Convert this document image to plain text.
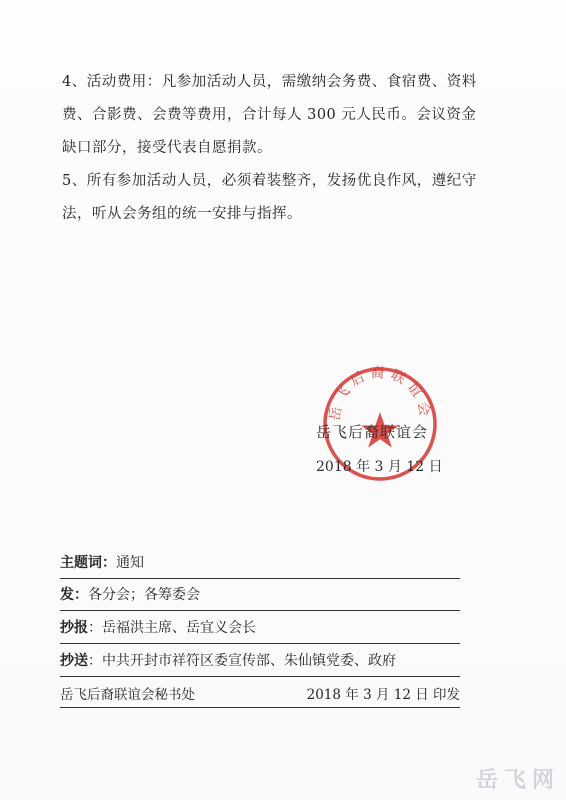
4、活动费用：凡参加活动人员，需缴纳会务费、食宿费、资料
费、合影费、会费等费用，合计每人 300 元人民币。会议资金
缺口部分，接受代表自愿捐款。

5、所有参加活动人员，必须着装整齐，发扬优良作风，遵纪守
法，听从会务组的统一安排与指挥。

岳飞后裔联谊会
岳飞后裔联谊会
2018 年 3 月 12 日
主题词：通知
发：各分会；各筹委会
抄报：岳福洪主席、岳宜义会长
抄送：中共开封市祥符区委宣传部、朱仙镇党委、政府
岳飞后裔联谊会秘书处	2018 年 3 月 12 日 印发
岳飞网
